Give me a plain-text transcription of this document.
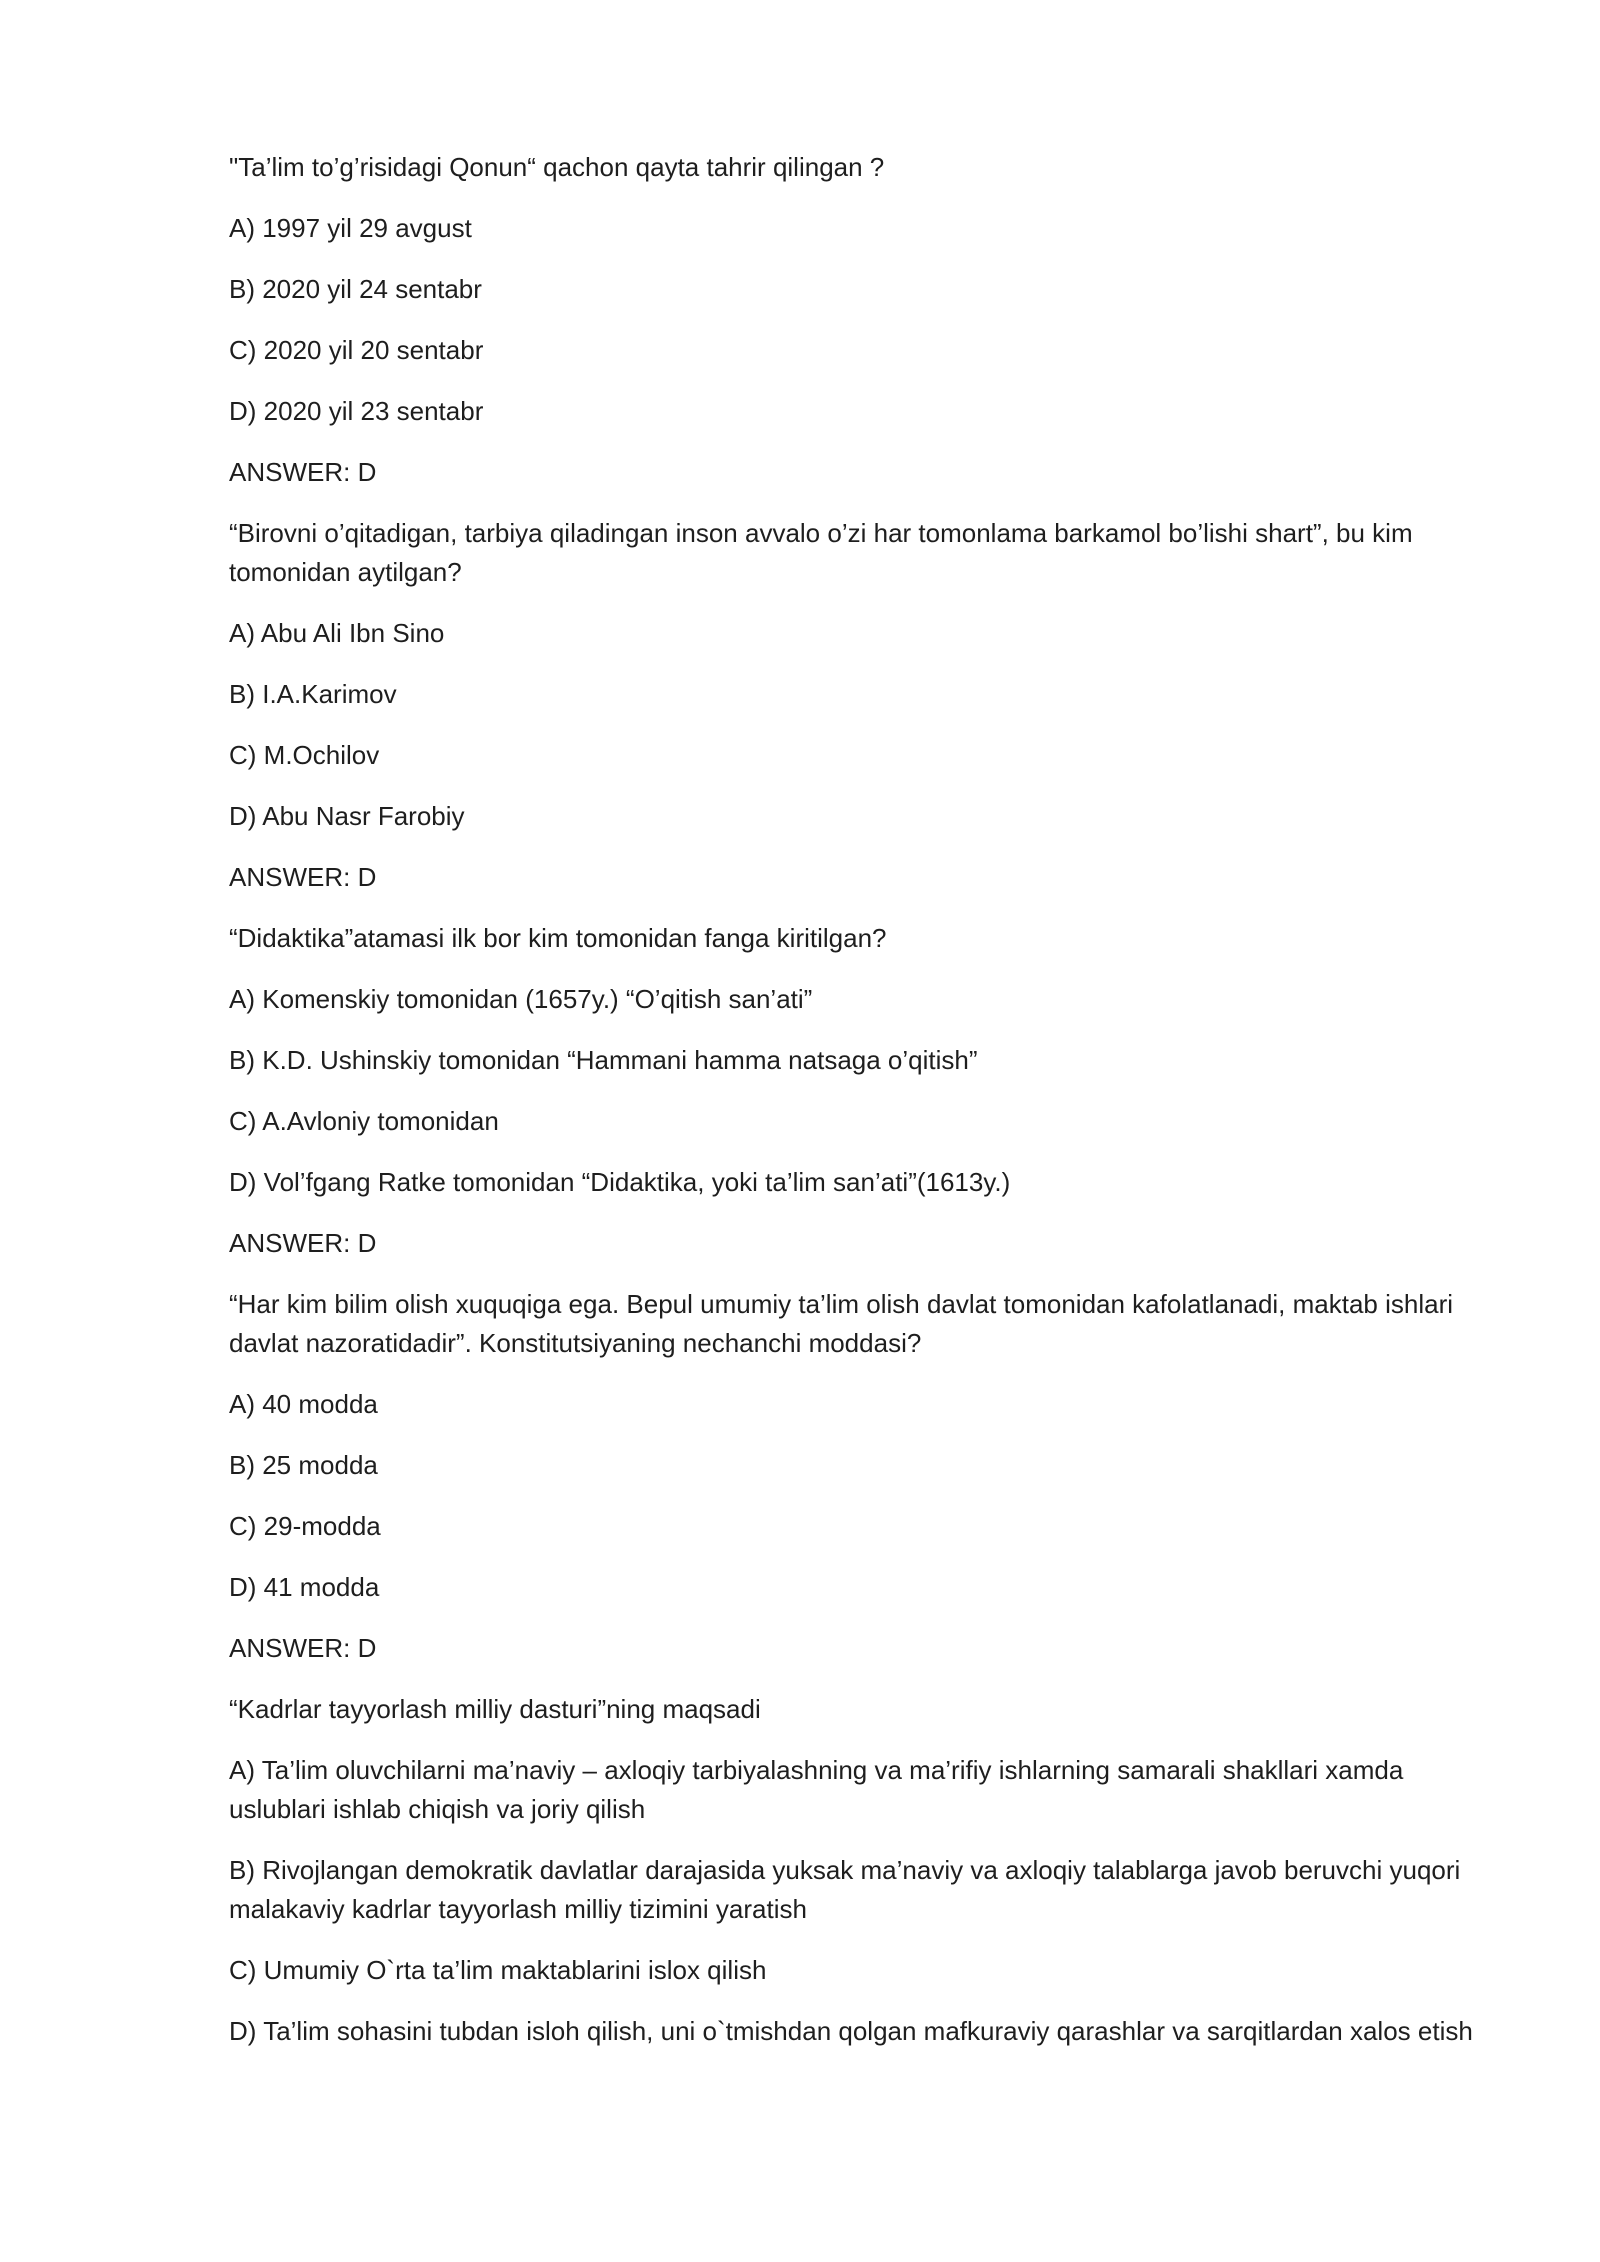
"Ta’lim to’g’risidagi Qonun“ qachon qayta tahrir qilingan ?

A) 1997 yil 29 avgust

B) 2020 yil 24 sentabr

C) 2020 yil 20 sentabr

D) 2020 yil 23 sentabr

ANSWER: D

“Birovni o’qitadigan, tarbiya qiladingan inson avvalo o’zi har tomonlama barkamol bo’lishi shart”, bu kim tomonidan aytilgan?

A) Abu Ali Ibn Sino

B) I.A.Karimov

C) M.Ochilov

D) Abu Nasr Farobiy

ANSWER: D

“Didaktika”atamasi ilk bor kim tomonidan fanga kiritilgan?

A) Komenskiy tomonidan (1657y.) “O’qitish san’ati”

B) K.D. Ushinskiy tomonidan “Hammani hamma natsaga o’qitish”

C) A.Avloniy tomonidan

D) Vol’fgang Ratke tomonidan “Didaktika, yoki ta’lim san’ati”(1613y.)

ANSWER: D

“Har kim bilim olish xuquqiga ega. Bepul umumiy ta’lim olish davlat tomonidan kafolatlanadi, maktab ishlari davlat nazoratidadir”. Konstitutsiyaning nechanchi moddasi?

A) 40 modda

B) 25 modda

C) 29-modda

D) 41 modda

ANSWER: D

“Kadrlar tayyorlash milliy dasturi”ning maqsadi

A) Ta’lim oluvchilarni ma’naviy – axloqiy tarbiyalashning va ma’rifiy ishlarning samarali shakllari xamda uslublari ishlab chiqish va joriy qilish

B) Rivojlangan demokratik davlatlar darajasida yuksak ma’naviy va axloqiy talablarga javob beruvchi yuqori malakaviy kadrlar tayyorlash milliy tizimini yaratish

C) Umumiy O`rta ta’lim maktablarini islox qilish

D) Ta’lim sohasini tubdan isloh qilish, uni o`tmishdan qolgan mafkuraviy qarashlar va sarqitlardan xalos etish
